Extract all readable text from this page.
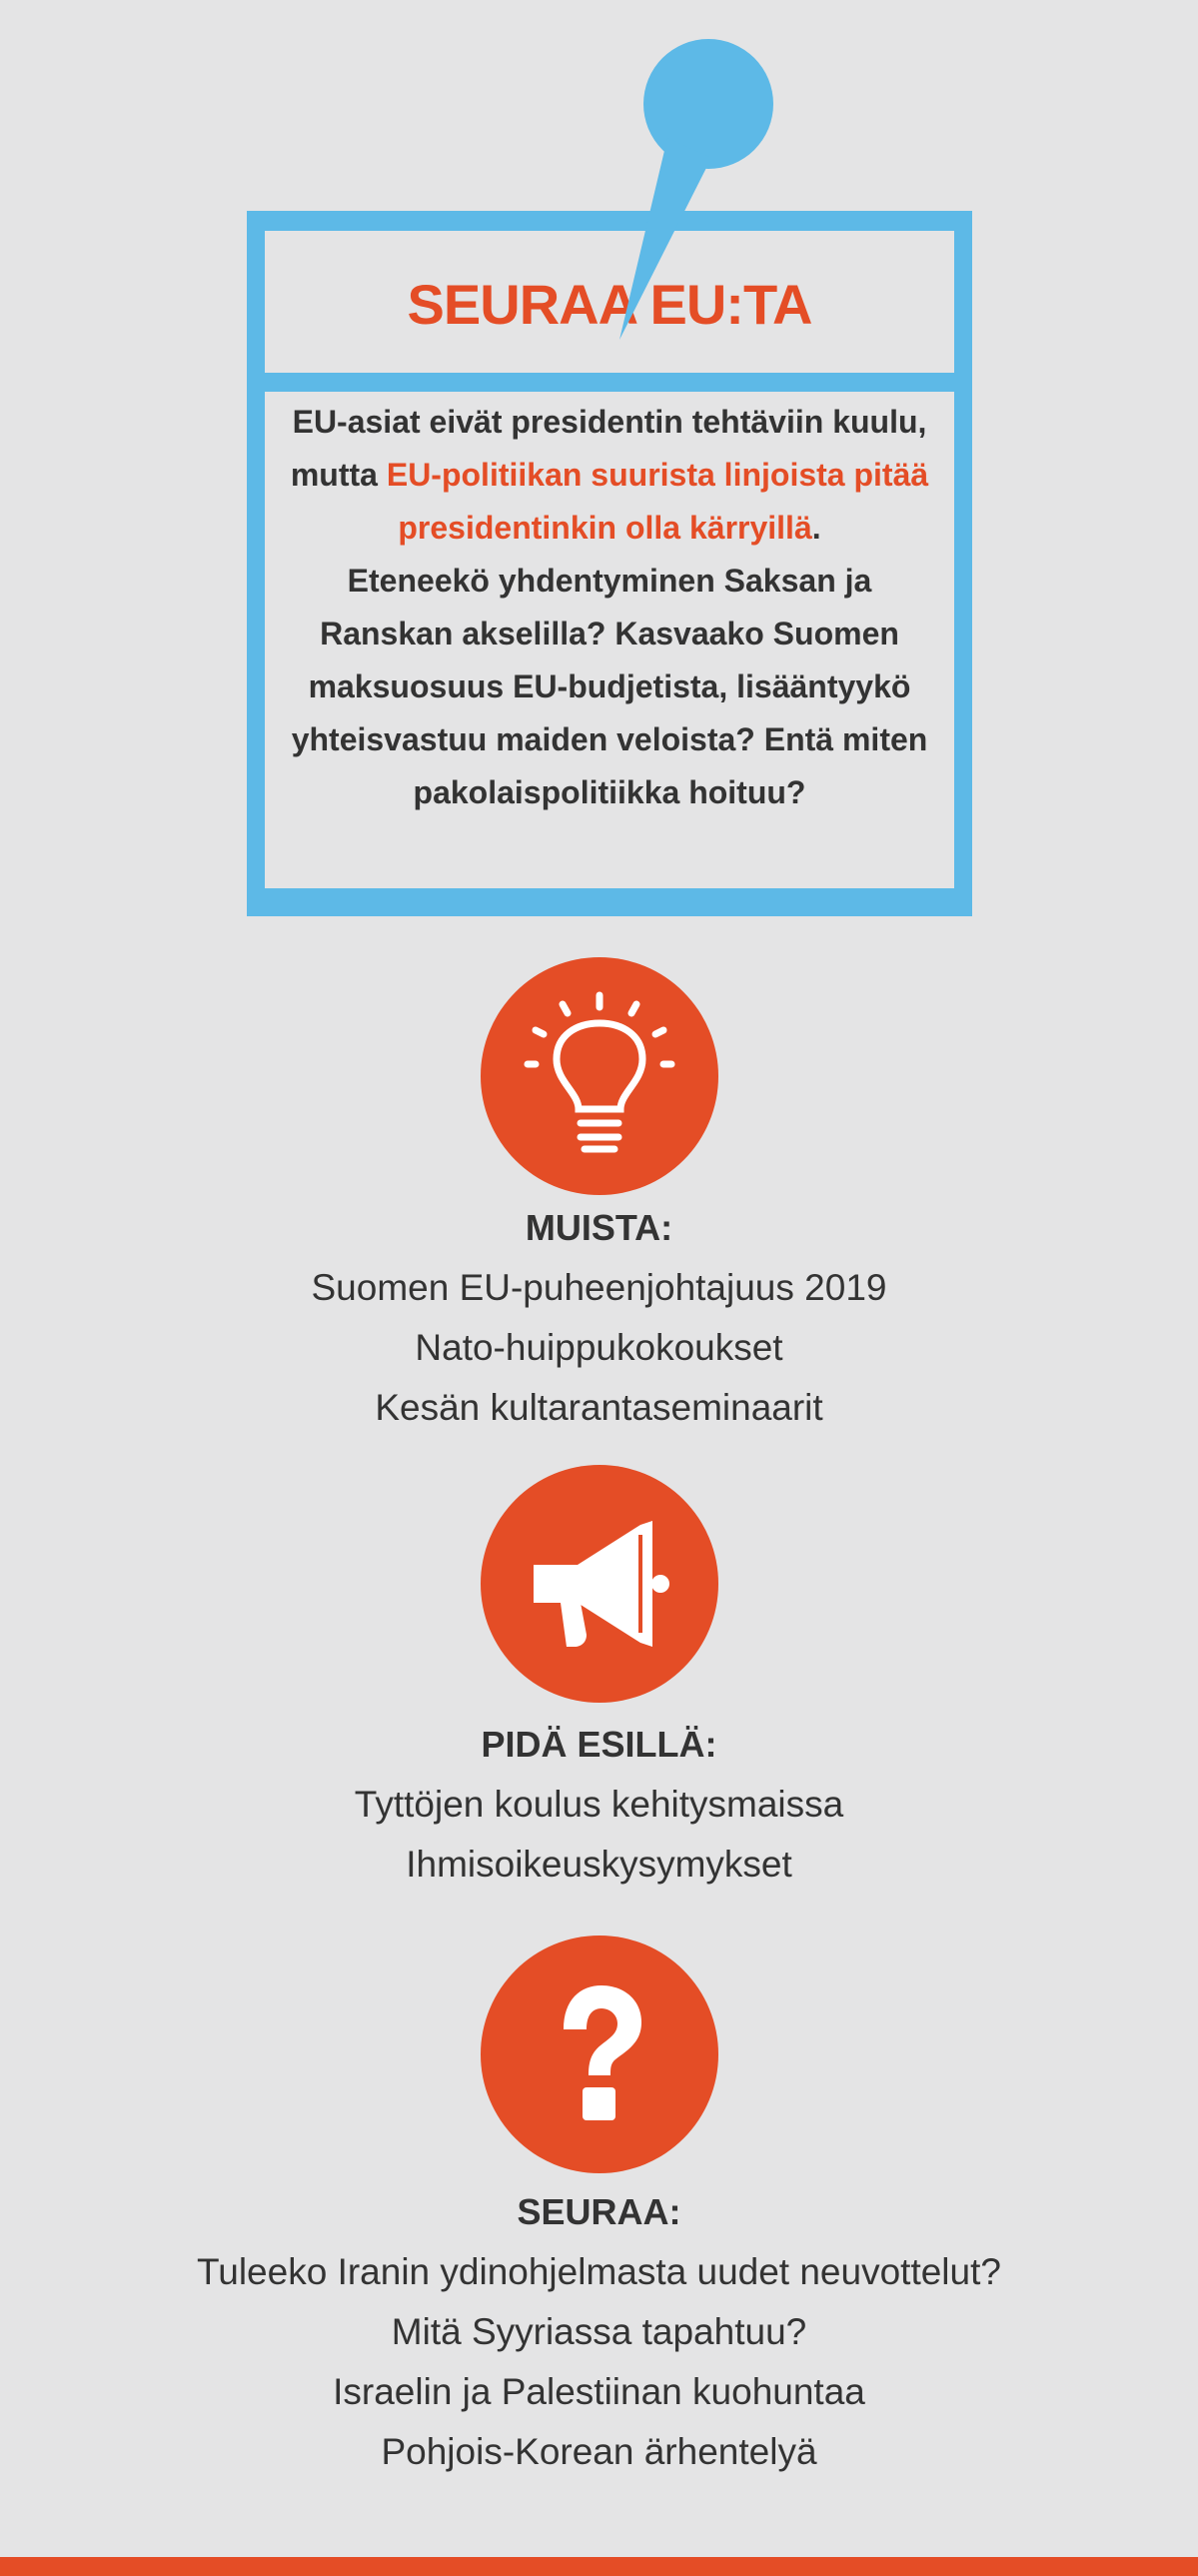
SEURAA EU:TA
EU-asiat eivät presidentin tehtäviin kuulu, mutta EU-politiikan suurista linjoista pitää presidentinkin olla kärryillä.
Eteneekö yhdentyminen Saksan ja Ranskan akselilla? Kasvaako Suomen maksuosuus EU-budjetista, lisääntyykö yhteisvastuu maiden veloista? Entä miten pakolaispolitiikka hoituu?
MUISTA:
Suomen EU-puheenjohtajuus 2019
Nato-huippukokoukset
Kesän kultarantaseminaarit
PIDÄ ESILLÄ:
Tyttöjen koulus kehitysmaissa
Ihmisoikeuskysymykset
SEURAA:
Tuleeko Iranin ydinohjelmasta uudet neuvottelut?
Mitä Syyriassa tapahtuu?
Israelin ja Palestiinan kuohuntaa
Pohjois-Korean ärhentelyä
